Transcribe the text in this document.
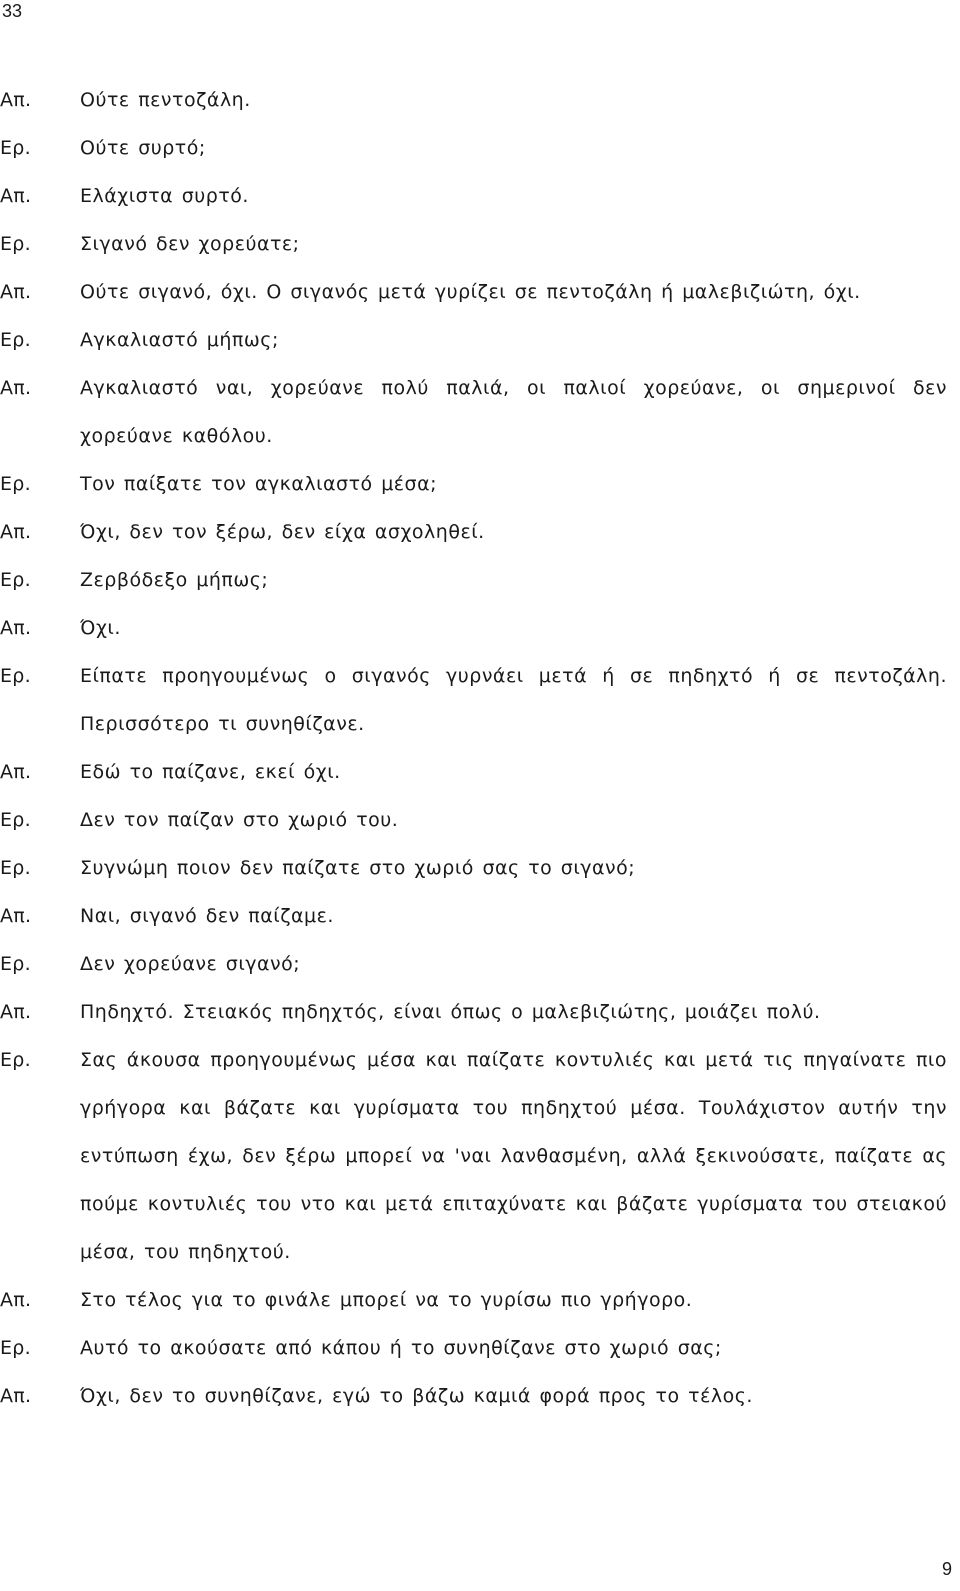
33
Απ.	Ούτε πεντοζάλη.
Ερ.	Ούτε συρτό;
Απ.	Ελάχιστα συρτό.
Ερ.	Σιγανό δεν χορεύατε;
Απ.	Ούτε σιγανό, όχι. Ο σιγανός μετά γυρίζει σε πεντοζάλη ή μαλεβιζιώτη, όχι.
Ερ.	Αγκαλιαστό μήπως;
Απ.	Αγκαλιαστό ναι, χορεύανε πολύ παλιά, οι παλιοί χορεύανε, οι σημερινοί δεν χορεύανε καθόλου.
Ερ.	Τον παίξατε τον αγκαλιαστό μέσα;
Απ.	Όχι, δεν τον ξέρω, δεν είχα ασχοληθεί.
Ερ.	Ζερβόδεξο μήπως;
Απ.	Όχι.
Ερ.	Είπατε προηγουμένως ο σιγανός γυρνάει μετά ή σε πηδηχτό ή σε πεντοζάλη. Περισσότερο τι συνηθίζανε.
Απ.	Εδώ το παίζανε, εκεί όχι.
Ερ.	Δεν τον παίζαν στο χωριό του.
Ερ.	Συγνώμη ποιον δεν παίζατε στο χωριό σας το σιγανό;
Απ.	Ναι, σιγανό δεν παίζαμε.
Ερ.	Δεν χορεύανε σιγανό;
Απ.	Πηδηχτό. Στειακός πηδηχτός, είναι όπως ο μαλεβιζιώτης, μοιάζει πολύ.
Ερ.	Σας άκουσα προηγουμένως μέσα και παίζατε κοντυλιές και μετά τις πηγαίνατε πιο γρήγορα και βάζατε και γυρίσματα του πηδηχτού μέσα. Τουλάχιστον αυτήν την εντύπωση έχω, δεν ξέρω μπορεί να 'ναι λανθασμένη, αλλά ξεκινούσατε, παίζατε ας πούμε κοντυλιές του ντο και μετά επιταχύνατε και βάζατε γυρίσματα του στειακού μέσα, του πηδηχτού.
Απ.	Στο τέλος για το φινάλε μπορεί να το γυρίσω πιο γρήγορο.
Ερ.	Αυτό το ακούσατε από κάπου ή το συνηθίζανε στο χωριό σας;
Απ.	Όχι, δεν το συνηθίζανε, εγώ το βάζω καμιά φορά προς το τέλος.
9
